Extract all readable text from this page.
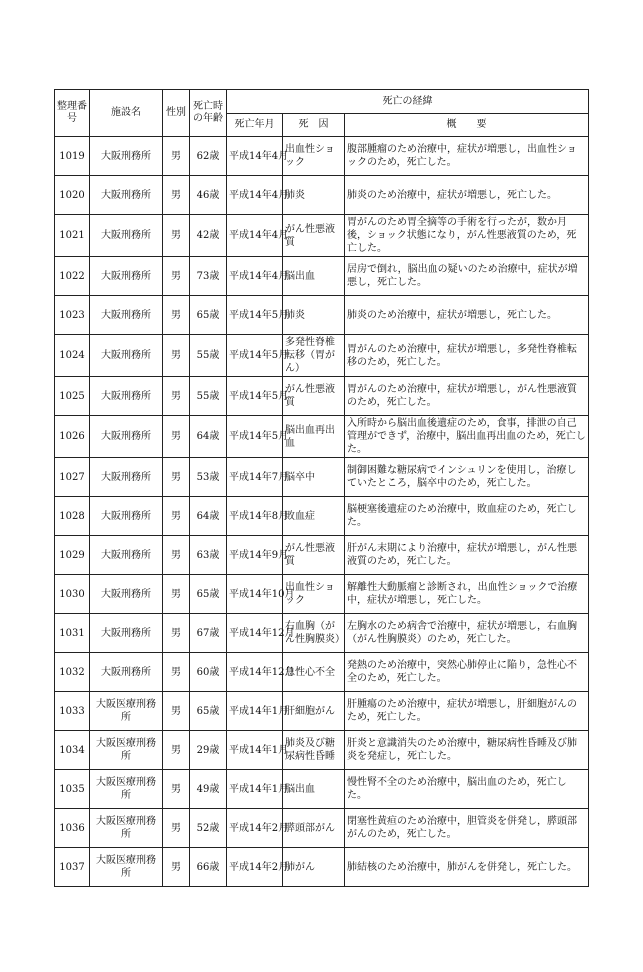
整理番号	施設名	性別	死亡時の年齢	死亡の経緯		
				死亡年月	死　因	概　　要
1019	大阪刑務所	男	62歳	平成14年4月	出血性ショック	腹部腫瘤のため治療中，症状が増悪し，出血性ショックのため，死亡した。
1020	大阪刑務所	男	46歳	平成14年4月	肺炎	肺炎のため治療中，症状が増悪し，死亡した。
1021	大阪刑務所	男	42歳	平成14年4月	がん性悪液質	胃がんのため胃全摘等の手術を行ったが，数か月後，ショック状態になり，がん性悪液質のため，死亡した。
1022	大阪刑務所	男	73歳	平成14年4月	脳出血	居房で倒れ，脳出血の疑いのため治療中，症状が増悪し，死亡した。
1023	大阪刑務所	男	65歳	平成14年5月	肺炎	肺炎のため治療中，症状が増悪し，死亡した。
1024	大阪刑務所	男	55歳	平成14年5月	多発性脊椎転移（胃がん）	胃がんのため治療中，症状が増悪し，多発性脊椎転移のため，死亡した。
1025	大阪刑務所	男	55歳	平成14年5月	がん性悪液質	胃がんのため治療中，症状が増悪し，がん性悪液質のため，死亡した。
1026	大阪刑務所	男	64歳	平成14年5月	脳出血再出血	入所時から脳出血後遺症のため，食事，排泄の自己管理ができず，治療中，脳出血再出血のため，死亡した。
1027	大阪刑務所	男	53歳	平成14年7月	脳卒中	制御困難な糖尿病でインシュリンを使用し，治療していたところ，脳卒中のため，死亡した。
1028	大阪刑務所	男	64歳	平成14年8月	敗血症	脳梗塞後遺症のため治療中，敗血症のため，死亡した。
1029	大阪刑務所	男	63歳	平成14年9月	がん性悪液質	肝がん末期により治療中，症状が増悪し，がん性悪液質のため，死亡した。
1030	大阪刑務所	男	65歳	平成14年10月	出血性ショック	解離性大動脈瘤と診断され，出血性ショックで治療中，症状が増悪し，死亡した。
1031	大阪刑務所	男	67歳	平成14年12月	右血胸（がん性胸膜炎）	左胸水のため病舎で治療中，症状が増悪し，右血胸（がん性胸膜炎）のため，死亡した。
1032	大阪刑務所	男	60歳	平成14年12月	急性心不全	発熱のため治療中，突然心肺停止に陥り，急性心不全のため，死亡した。
1033	大阪医療刑務所	男	65歳	平成14年1月	肝細胞がん	肝腫瘍のため治療中，症状が増悪し，肝細胞がんのため，死亡した。
1034	大阪医療刑務所	男	29歳	平成14年1月	肺炎及び糖尿病性昏睡	肝炎と意識消失のため治療中，糖尿病性昏睡及び肺炎を発症し，死亡した。
1035	大阪医療刑務所	男	49歳	平成14年1月	脳出血	慢性腎不全のため治療中，脳出血のため，死亡した。
1036	大阪医療刑務所	男	52歳	平成14年2月	膵頭部がん	閉塞性黄疸のため治療中，胆管炎を併発し，膵頭部がんのため，死亡した。
1037	大阪医療刑務所	男	66歳	平成14年2月	肺がん	肺結核のため治療中，肺がんを併発し，死亡した。
